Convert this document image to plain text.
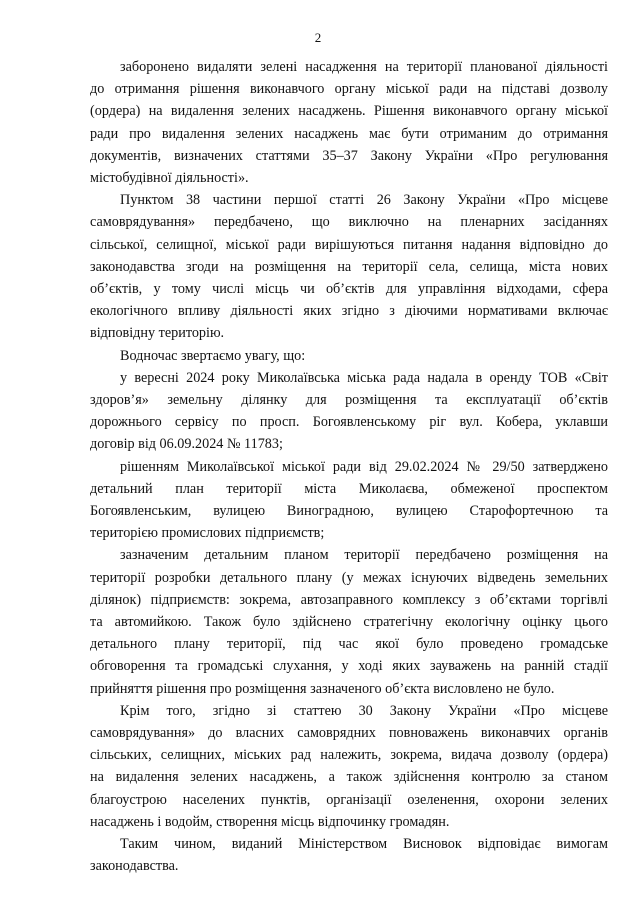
2
заборонено видаляти зелені насадження на території планованої діяльності
до отримання рішення виконавчого органу міської ради на підставі дозволу
(ордера) на видалення зелених насаджень. Рішення виконавчого органу міської
ради про видалення зелених насаджень має бути отриманим до отримання
документів, визначених статтями 35–37 Закону України «Про регулювання
містобудівної діяльності».
Пунктом 38 частини першої статті 26 Закону України «Про місцеве
самоврядування» передбачено, що виключно на пленарних засіданнях
сільської, селищної, міської ради вирішуються питання надання відповідно до
законодавства згоди на розміщення на території села, селища, міста нових
об’єктів, у тому числі місць чи об’єктів для управління відходами, сфера
екологічного впливу діяльності яких згідно з діючими нормативами включає
відповідну територію.
Водночас звертаємо увагу, що:
у вересні 2024 року Миколаївська міська рада надала в оренду ТОВ «Світ
здоров’я» земельну ділянку для розміщення та експлуатації об’єктів
дорожнього сервісу по просп. Богоявленському ріг вул. Кобера, уклавши
договір від 06.09.2024 № 11783;
рішенням Миколаївської міської ради від 29.02.2024 № 29/50 затверджено
детальний план території міста Миколаєва, обмеженої проспектом
Богоявленським, вулицею Виноградною, вулицею Старофортечною та
територією промислових підприємств;
зазначеним детальним планом території передбачено розміщення на
території розробки детального плану (у межах існуючих відведень земельних
ділянок) підприємств: зокрема, автозаправного комплексу з об’єктами торгівлі
та автомийкою. Також було здійснено стратегічну екологічну оцінку цього
детального плану території, під час якої було проведено громадське
обговорення та громадські слухання, у ході яких зауважень на ранній стадії
прийняття рішення про розміщення зазначеного об’єкта висловлено не було.
Крім того, згідно зі статтею 30 Закону України «Про місцеве
самоврядування» до власних самоврядних повноважень виконавчих органів
сільських, селищних, міських рад належить, зокрема, видача дозволу (ордера)
на видалення зелених насаджень, а також здійснення контролю за станом
благоустрою населених пунктів, організації озеленення, охорони зелених
насаджень і водойм, створення місць відпочинку громадян.
Таким чином, виданий Міністерством Висновок відповідає вимогам
законодавства.
